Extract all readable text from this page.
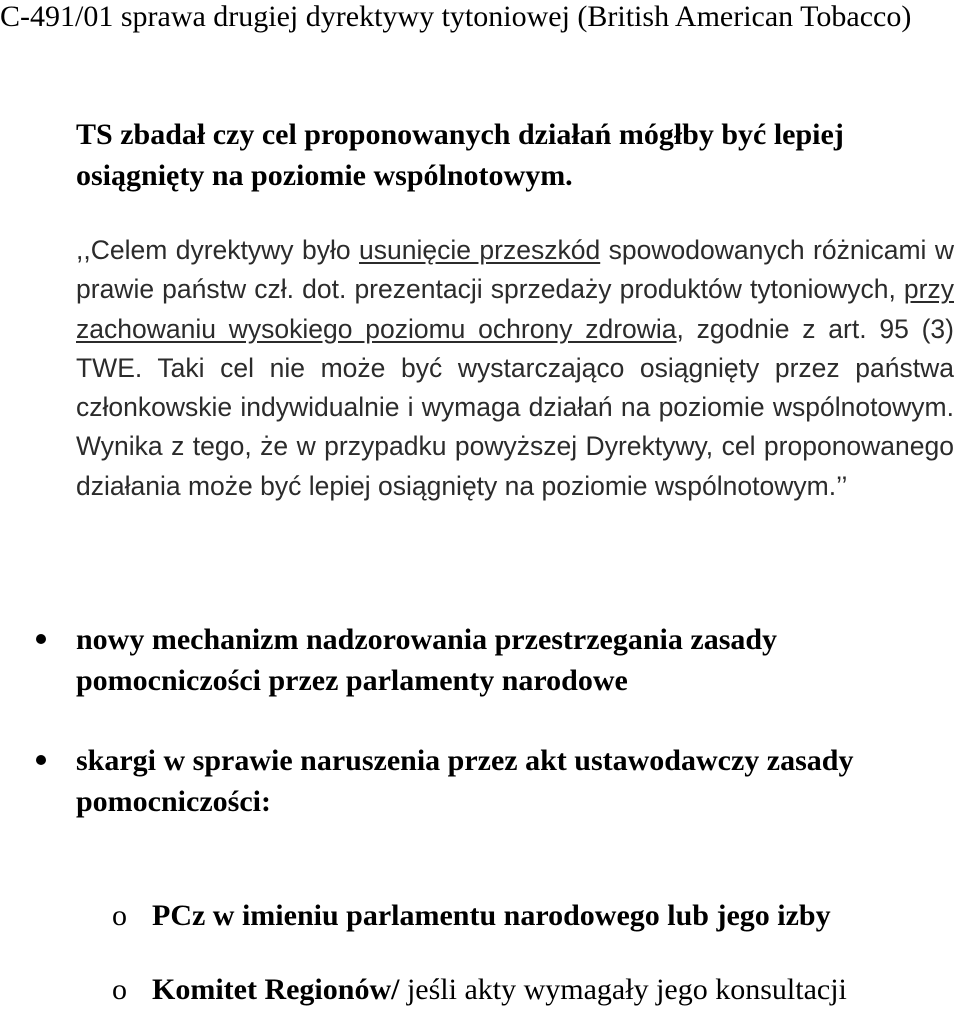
C-491/01 sprawa drugiej dyrektywy tytoniowej (British American Tobacco)

TS zbadał czy cel proponowanych działań mógłby być lepiej osiągnięty na poziomie wspólnotowym.

,,Celem dyrektywy było usunięcie przeszkód spowodowanych różnicami w prawie państw czł. dot. prezentacji sprzedaży produktów tytoniowych, przy zachowaniu wysokiego poziomu ochrony zdrowia, zgodnie z art. 95 (3) TWE. Taki cel nie może być wystarczająco osiągnięty przez państwa członkowskie indywidualnie i wymaga działań na poziomie wspólnotowym. Wynika z tego, że w przypadku powyższej Dyrektywy, cel proponowanego działania może być lepiej osiągnięty na poziomie wspólnotowym.’’

nowy mechanizm nadzorowania przestrzegania zasady pomocniczości przez parlamenty narodowe
skargi w sprawie naruszenia przez akt ustawodawczy zasady pomocniczości:
o PCz w imieniu parlamentu narodowego lub jego izby
o Komitet Regionów/ jeśli akty wymagały jego konsultacji
